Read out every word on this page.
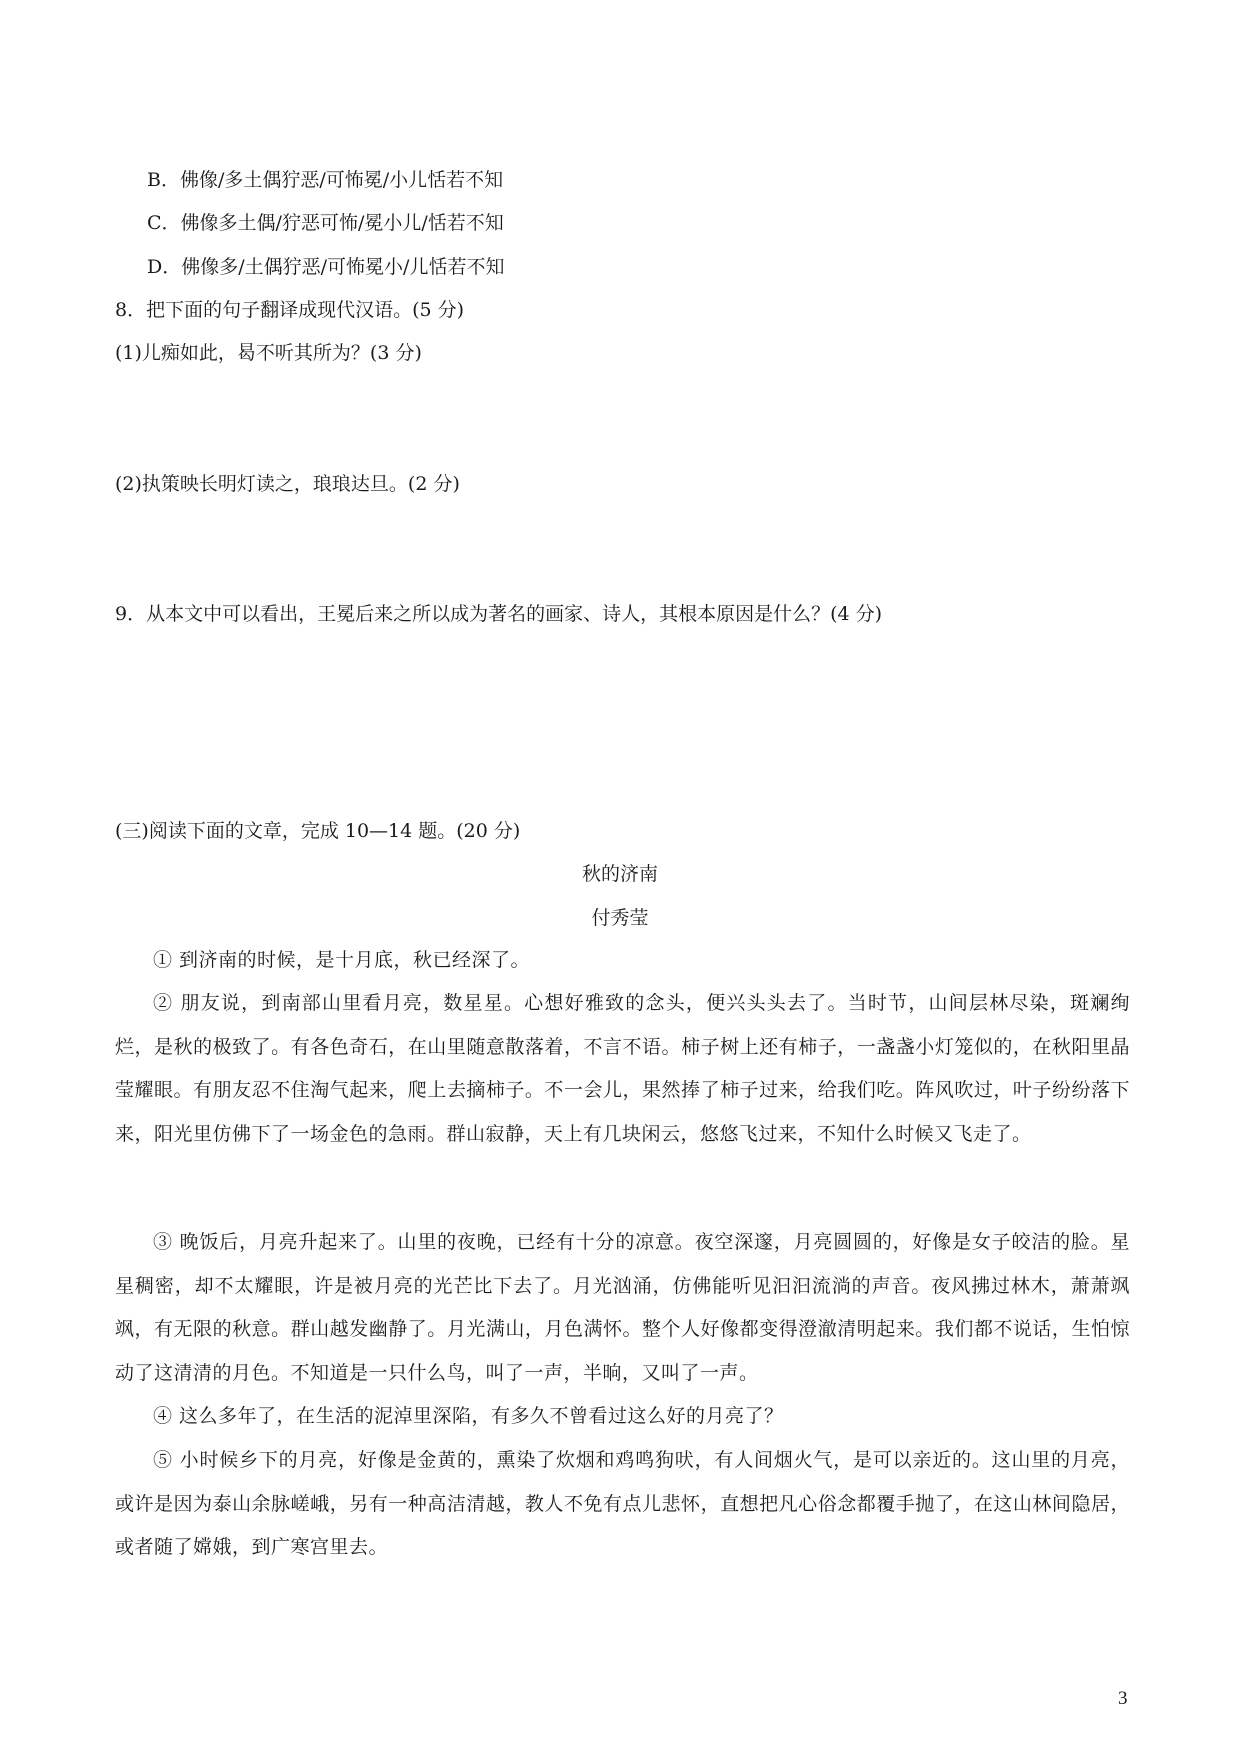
B．佛像/多土偶狞恶/可怖冕/小儿恬若不知
C．佛像多土偶/狞恶可怖/冕小儿/恬若不知
D．佛像多/土偶狞恶/可怖冕小/儿恬若不知
8．把下面的句子翻译成现代汉语。(5 分)
(1)儿痴如此，曷不听其所为？(3 分)
(2)执策映长明灯读之，琅琅达旦。(2 分)
9．从本文中可以看出，王冕后来之所以成为著名的画家、诗人，其根本原因是什么？(4 分)
(三)阅读下面的文章，完成 10—14 题。(20 分)
秋的济南
付秀莹
① 到济南的时候，是十月底，秋已经深了。
② 朋友说，到南部山里看月亮，数星星。心想好雅致的念头，便兴头头去了。当时节，山间层林尽染，斑斓绚烂，是秋的极致了。有各色奇石，在山里随意散落着，不言不语。柿子树上还有柿子，一盏盏小灯笼似的，在秋阳里晶莹耀眼。有朋友忍不住淘气起来，爬上去摘柿子。不一会儿，果然捧了柿子过来，给我们吃。阵风吹过，叶子纷纷落下来，阳光里仿佛下了一场金色的急雨。群山寂静，天上有几块闲云，悠悠飞过来，不知什么时候又飞走了。
③ 晚饭后，月亮升起来了。山里的夜晚，已经有十分的凉意。夜空深邃，月亮圆圆的，好像是女子皎洁的脸。星星稠密，却不太耀眼，许是被月亮的光芒比下去了。月光汹涌，仿佛能听见汩汩流淌的声音。夜风拂过林木，萧萧飒飒，有无限的秋意。群山越发幽静了。月光满山，月色满怀。整个人好像都变得澄澈清明起来。我们都不说话，生怕惊动了这清清的月色。不知道是一只什么鸟，叫了一声，半晌，又叫了一声。
④ 这么多年了，在生活的泥淖里深陷，有多久不曾看过这么好的月亮了？
⑤ 小时候乡下的月亮，好像是金黄的，熏染了炊烟和鸡鸣狗吠，有人间烟火气，是可以亲近的。这山里的月亮，或许是因为泰山余脉嵯峨，另有一种高洁清越，教人不免有点儿悲怀，直想把凡心俗念都覆手抛了，在这山林间隐居，或者随了嫦娥，到广寒宫里去。
3
